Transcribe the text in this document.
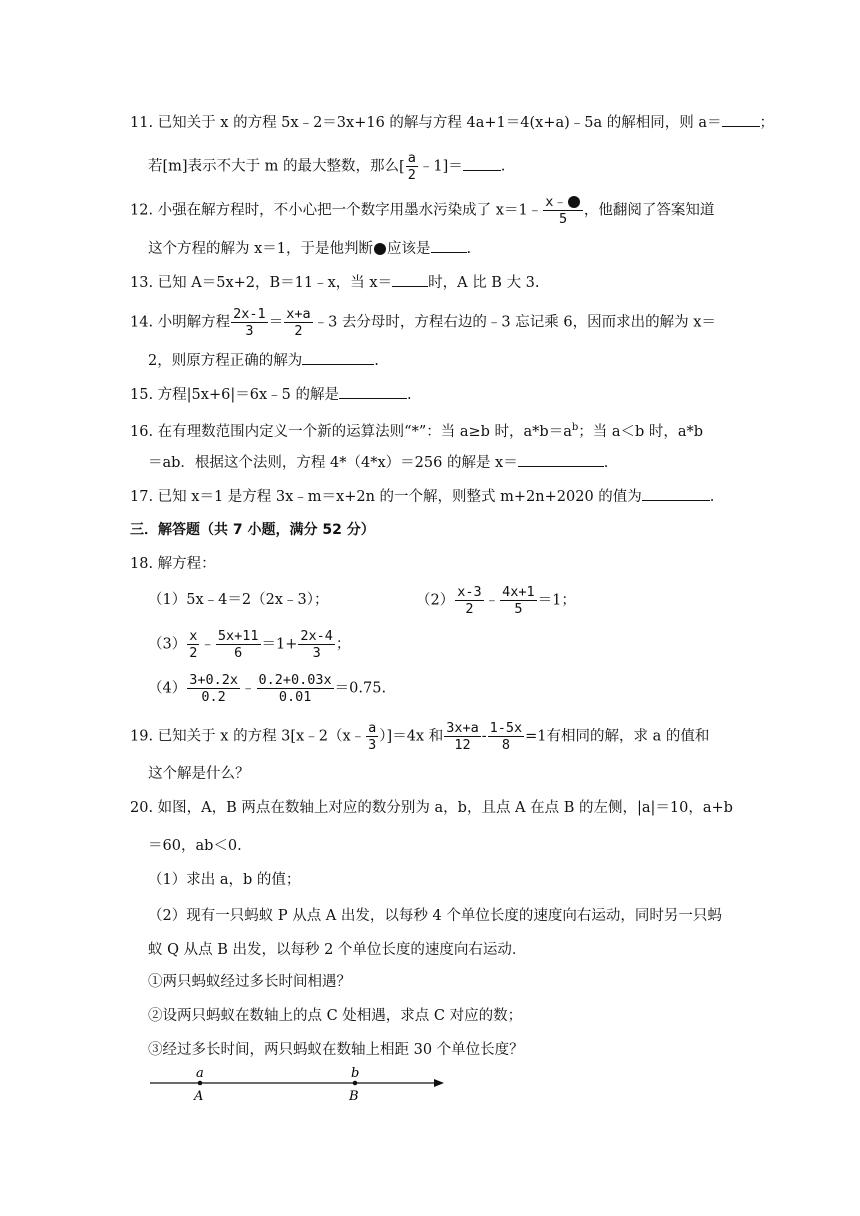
11. 已知关于 x 的方程 5x﹣2＝3x+16 的解与方程 4a+1＝4(x+a)﹣5a 的解相同，则 a＝	；
若[m]表示不大于 m 的最大整数，那么 [ $\frac{a}{2}$ ﹣1]＝	.
12. 小强在解方程时，不小心把一个数字用墨水污染成了 x＝1﹣ $\frac{x﹣}{5}$ ，他翻阅了答案知道
这个方程的解为 x＝1，于是他判断 应该是 .
13. 已知 A＝5x+2，B＝11﹣x，当 x＝ 时，A 比 B 大 3.
14. 小明解方程 $\frac{2x-1}{3} = \frac{x+a}{2}$ ﹣3 去分母时，方程右边的﹣3 忘记乘 6，因而求出的解为 x＝
2，则原方程正确的解为	.
15. 方程|5x+6|＝6x﹣5 的解是	.
16. 在有理数范围内定义一个新的运算法则“*”：当 a≥b 时，$a*b=a^b$；当 a＜b 时，a*b
＝ab．根据这个法则，方程 4*（4*x）＝256 的解是 x＝	.
17. 已知 x＝1 是方程 3x﹣m＝x+2n 的一个解，则整式 m+2n+2020 的值为	.
三．解答题（共 7 小题，满分 52 分）
18. 解方程：
（1）5x﹣4＝2（2x﹣3）；	$(2) \frac{x-3}{2}$ ﹣ $\frac{4x+1}{5} =1$；
$(3) \frac{x}{2}$ ﹣ $\frac{5x+11}{6} =1+ \frac{2x-4}{3}$ ；
$(4) \frac{3+0.2x}{0.2}$ ﹣ $\frac{0.2+0.03x}{0.01} =0.75$.
19. 已知关于 x 的方程 3[x﹣2（x﹣ $\frac{a}{3} )]=4x$ 和 $\frac{3x+a}{12} - \frac{1-5x}{8} =1$有相同的解，求 a 的值和
这个解是什么？
20. 如图，A，B 两点在数轴上对应的数分别为 a，b，且点 A 在点 B 的左侧，|a|＝10，a+b
＝60，ab＜0.
（1）求出 a，b 的值；
（2）现有一只蚂蚁 P 从点 A 出发，以每秒 4 个单位长度的速度向右运动，同时另一只蚂
蚁 Q 从点 B 出发，以每秒 2 个单位长度的速度向右运动．
①两只蚂蚁经过多长时间相遇？
②设两只蚂蚁在数轴上的点 C 处相遇，求点 C 对应的数；
③经过多长时间，两只蚂蚁在数轴上相距 30 个单位长度？
a	b
A	B
